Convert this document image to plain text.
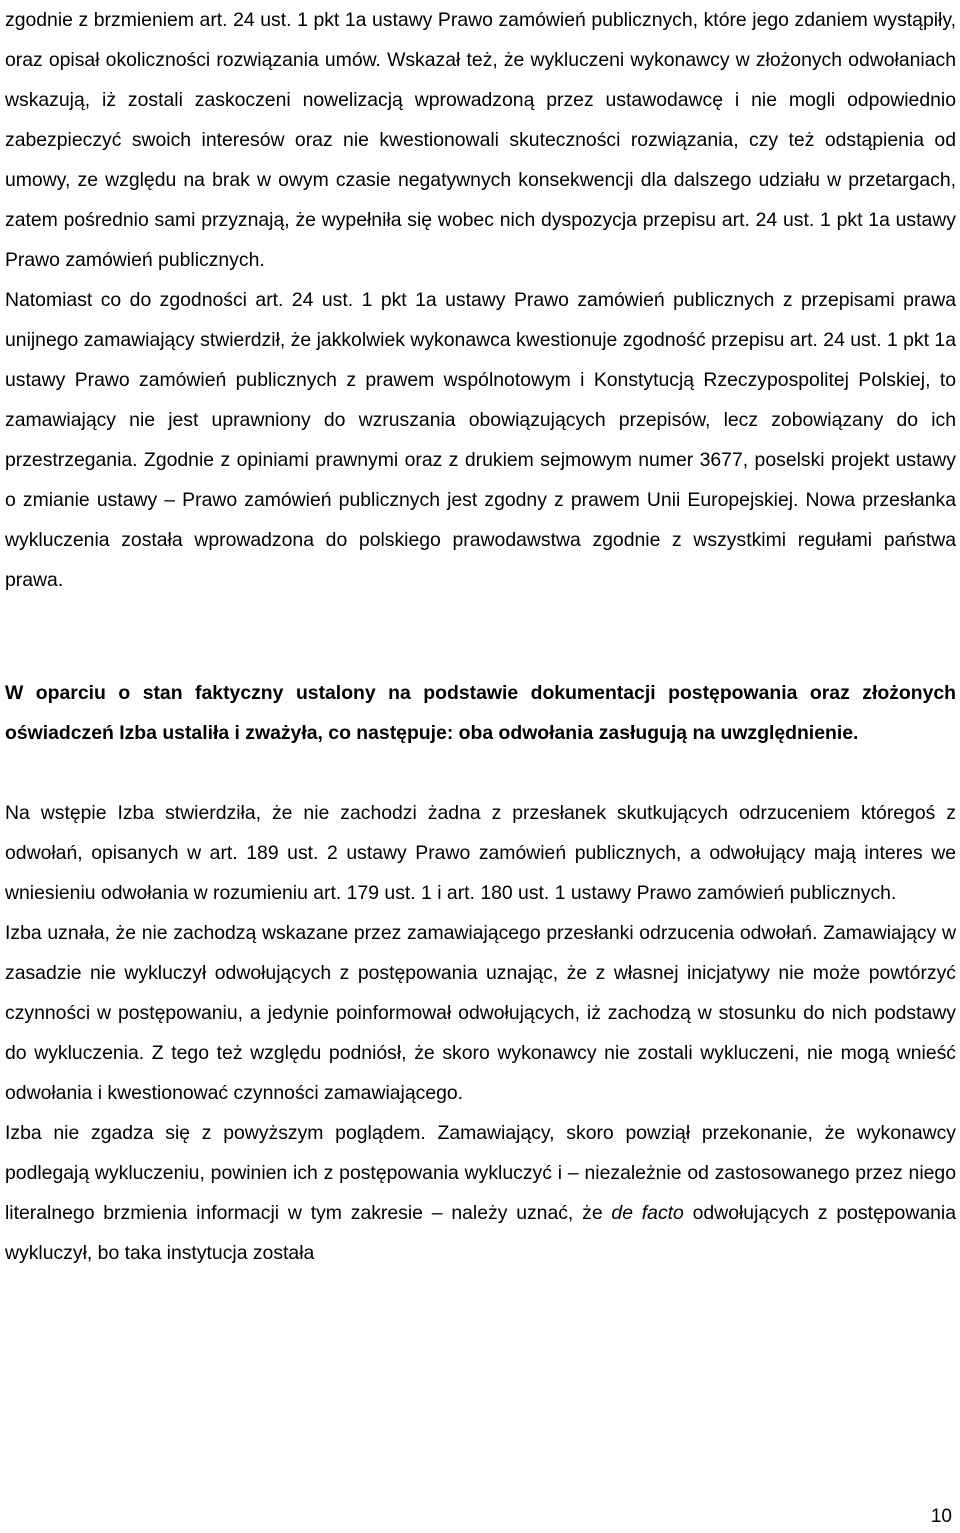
zgodnie z brzmieniem art. 24 ust. 1 pkt 1a ustawy Prawo zamówień publicznych, które jego zdaniem wystąpiły, oraz opisał okoliczności rozwiązania umów. Wskazał też, że wykluczeni wykonawcy w złożonych odwołaniach wskazują, iż zostali zaskoczeni nowelizacją wprowadzoną przez ustawodawcę i nie mogli odpowiednio zabezpieczyć swoich interesów oraz nie kwestionowali skuteczności rozwiązania, czy też odstąpienia od umowy, ze względu na brak w owym czasie negatywnych konsekwencji dla dalszego udziału w przetargach, zatem pośrednio sami przyznają, że wypełniła się wobec nich dyspozycja przepisu art. 24 ust. 1 pkt 1a ustawy Prawo zamówień publicznych.

Natomiast co do zgodności art. 24 ust. 1 pkt 1a ustawy Prawo zamówień publicznych z przepisami prawa unijnego zamawiający stwierdził, że jakkolwiek wykonawca kwestionuje zgodność przepisu art. 24 ust. 1 pkt 1a ustawy Prawo zamówień publicznych z prawem wspólnotowym i Konstytucją Rzeczypospolitej Polskiej, to zamawiający nie jest uprawniony do wzruszania obowiązujących przepisów, lecz zobowiązany do ich przestrzegania. Zgodnie z opiniami prawnymi oraz z drukiem sejmowym numer 3677, poselski projekt ustawy o zmianie ustawy – Prawo zamówień publicznych jest zgodny z prawem Unii Europejskiej. Nowa przesłanka wykluczenia została wprowadzona do polskiego prawodawstwa zgodnie z wszystkimi regułami państwa prawa.

W oparciu o stan faktyczny ustalony na podstawie dokumentacji postępowania oraz złożonych oświadczeń Izba ustaliła i zważyła, co następuje: oba odwołania zasługują na uwzględnienie.

Na wstępie Izba stwierdziła, że nie zachodzi żadna z przesłanek skutkujących odrzuceniem któregoś z odwołań, opisanych w art. 189 ust. 2 ustawy Prawo zamówień publicznych, a odwołujący mają interes we wniesieniu odwołania w rozumieniu art. 179 ust. 1 i art. 180 ust. 1 ustawy Prawo zamówień publicznych.

Izba uznała, że nie zachodzą wskazane przez zamawiającego przesłanki odrzucenia odwołań. Zamawiający w zasadzie nie wykluczył odwołujących z postępowania uznając, że z własnej inicjatywy nie może powtórzyć czynności w postępowaniu, a jedynie poinformował odwołujących, iż zachodzą w stosunku do nich podstawy do wykluczenia. Z tego też względu podniósł, że skoro wykonawcy nie zostali wykluczeni, nie mogą wnieść odwołania i kwestionować czynności zamawiającego.

Izba nie zgadza się z powyższym poglądem. Zamawiający, skoro powziął przekonanie, że wykonawcy podlegają wykluczeniu, powinien ich z postępowania wykluczyć i – niezależnie od zastosowanego przez niego literalnego brzmienia informacji w tym zakresie – należy uznać, że de facto odwołujących z postępowania wykluczył, bo taka instytucja została

10
